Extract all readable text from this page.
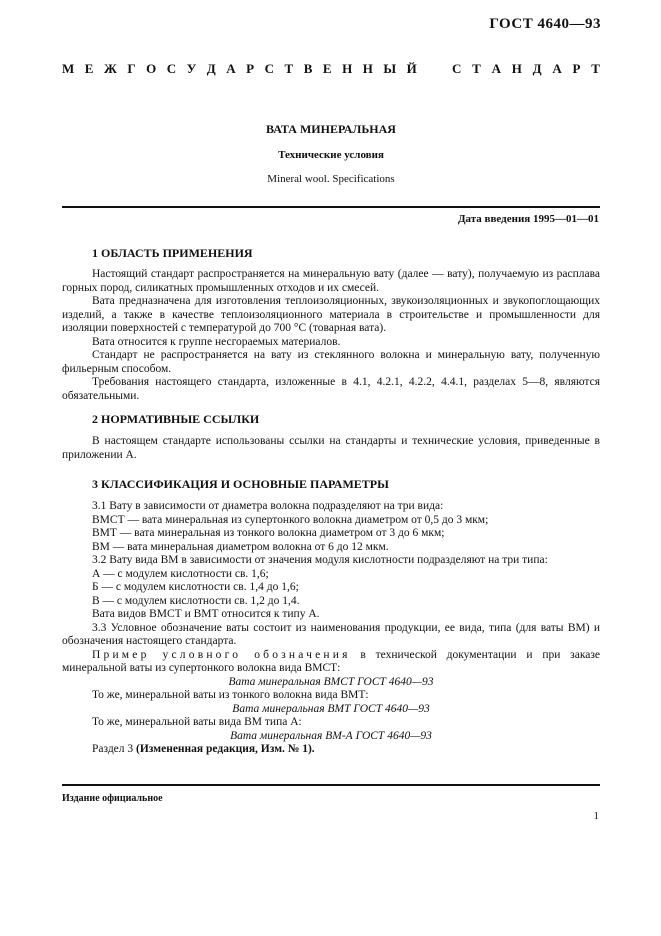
ГОСТ 4640—93
М Е Ж Г О С У Д А Р С Т В Е Н Н Ы Й	С Т А Н Д А Р Т
ВАТА МИНЕРАЛЬНАЯ
Технические условия
Mineral wool. Specifications
Дата введения 1995—01—01
1 ОБЛАСТЬ ПРИМЕНЕНИЯ

Настоящий стандарт распространяется на минеральную вату (далее — вату), получаемую из расплава горных пород, силикатных промышленных отходов и их смесей.

Вата предназначена для изготовления теплоизоляционных, звукоизоляционных и звукопоглощающих изделий, а также в качестве теплоизоляционного материала в строительстве и промышленности для изоляции поверхностей с температурой до 700 °С (товарная вата).

Вата относится к группе несгораемых материалов.

Стандарт не распространяется на вату из стеклянного волокна и минеральную вату, полученную фильерным способом.

Требования настоящего стандарта, изложенные в 4.1, 4.2.1, 4.2.2, 4.4.1, разделах 5—8, являются обязательными.

2 НОРМАТИВНЫЕ ССЫЛКИ

В настоящем стандарте использованы ссылки на стандарты и технические условия, приведенные в приложении А.

3 КЛАССИФИКАЦИЯ И ОСНОВНЫЕ ПАРАМЕТРЫ

3.1 Вату в зависимости от диаметра волокна подразделяют на три вида:

ВМСТ — вата минеральная из супертонкого волокна диаметром от 0,5 до 3 мкм;

ВМТ — вата минеральная из тонкого волокна диаметром от 3 до 6 мкм;

ВМ — вата минеральная диаметром волокна от 6 до 12 мкм.

3.2 Вату вида ВМ в зависимости от значения модуля кислотности подразделяют на три типа:

А — с модулем кислотности св. 1,6;

Б — с модулем кислотности св. 1,4 до 1,6;

В — с модулем кислотности св. 1,2 до 1,4.

Вата видов ВМСТ и ВМТ относится к типу А.

3.3 Условное обозначение ваты состоит из наименования продукции, ее вида, типа (для ваты ВМ) и обозначения настоящего стандарта.

Пример условного обозначения в технической документации и при заказе минеральной ваты из супертонкого волокна вида ВМСТ:

Вата минеральная ВМСТ ГОСТ 4640—93

То же, минеральной ваты из тонкого волокна вида ВМТ:

Вата минеральная ВМТ ГОСТ 4640—93

То же, минеральной ваты вида ВМ типа А:

Вата минеральная ВМ-А ГОСТ 4640—93

Раздел 3 (Измененная редакция, Изм. № 1).

Издание официальное
1
